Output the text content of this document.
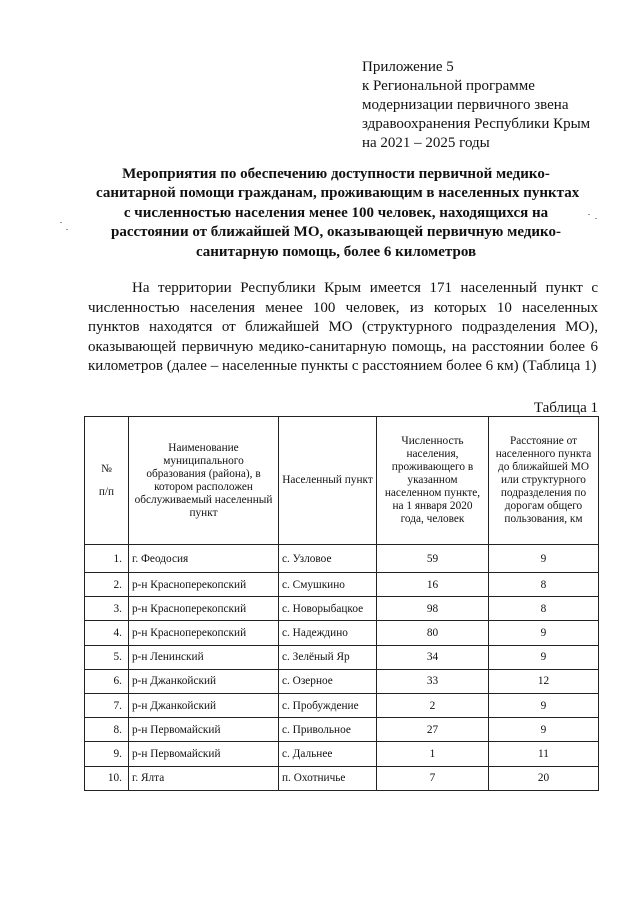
Приложение 5
к Региональной программе
модернизации первичного звена
здравоохранения Республики Крым
на 2021 – 2025 годы
Мероприятия по обеспечению доступности первичной медико-
санитарной помощи гражданам, проживающим в населенных пунктах
с численностью населения менее 100 человек, находящихся на
расстоянии от ближайшей МО, оказывающей первичную медико-
санитарную помощь, более 6 километров
На территории Республики Крым имеется 171 населенный пункт с численностью населения менее 100 человек, из которых 10 населенных пунктов находятся от ближайшей МО (структурного подразделения МО), оказывающей первичную медико-санитарную помощь, на расстоянии более 6 километров (далее – населенные пункты с расстоянием более 6 км) (Таблица 1)
Таблица 1
№
п/п	Наименование муниципального образования (района), в котором расположен обслуживаемый населенный пункт	Населенный пункт	Численность населения, проживающего в указанном населенном пункте, на 1 января 2020 года, человек	Расстояние от населенного пункта до ближайшей МО или структурного подразделения по дорогам общего пользования, км
1.	г. Феодосия	с. Узловое	59	9
2.	р-н Красноперекопский	с. Смушкино	16	8
3.	р-н Красноперекопский	с. Новорыбацкое	98	8
4.	р-н Красноперекопский	с. Надеждино	80	9
5.	р-н Ленинский	с. Зелёный Яр	34	9
6.	р-н Джанкойский	с. Озерное	33	12
7.	р-н Джанкойский	с. Пробуждение	2	9
8.	р-н Первомайский	с. Привольное	27	9
9.	р-н Первомайский	с. Дальнее	1	11
10.	г. Ялта	п. Охотничье	7	20
